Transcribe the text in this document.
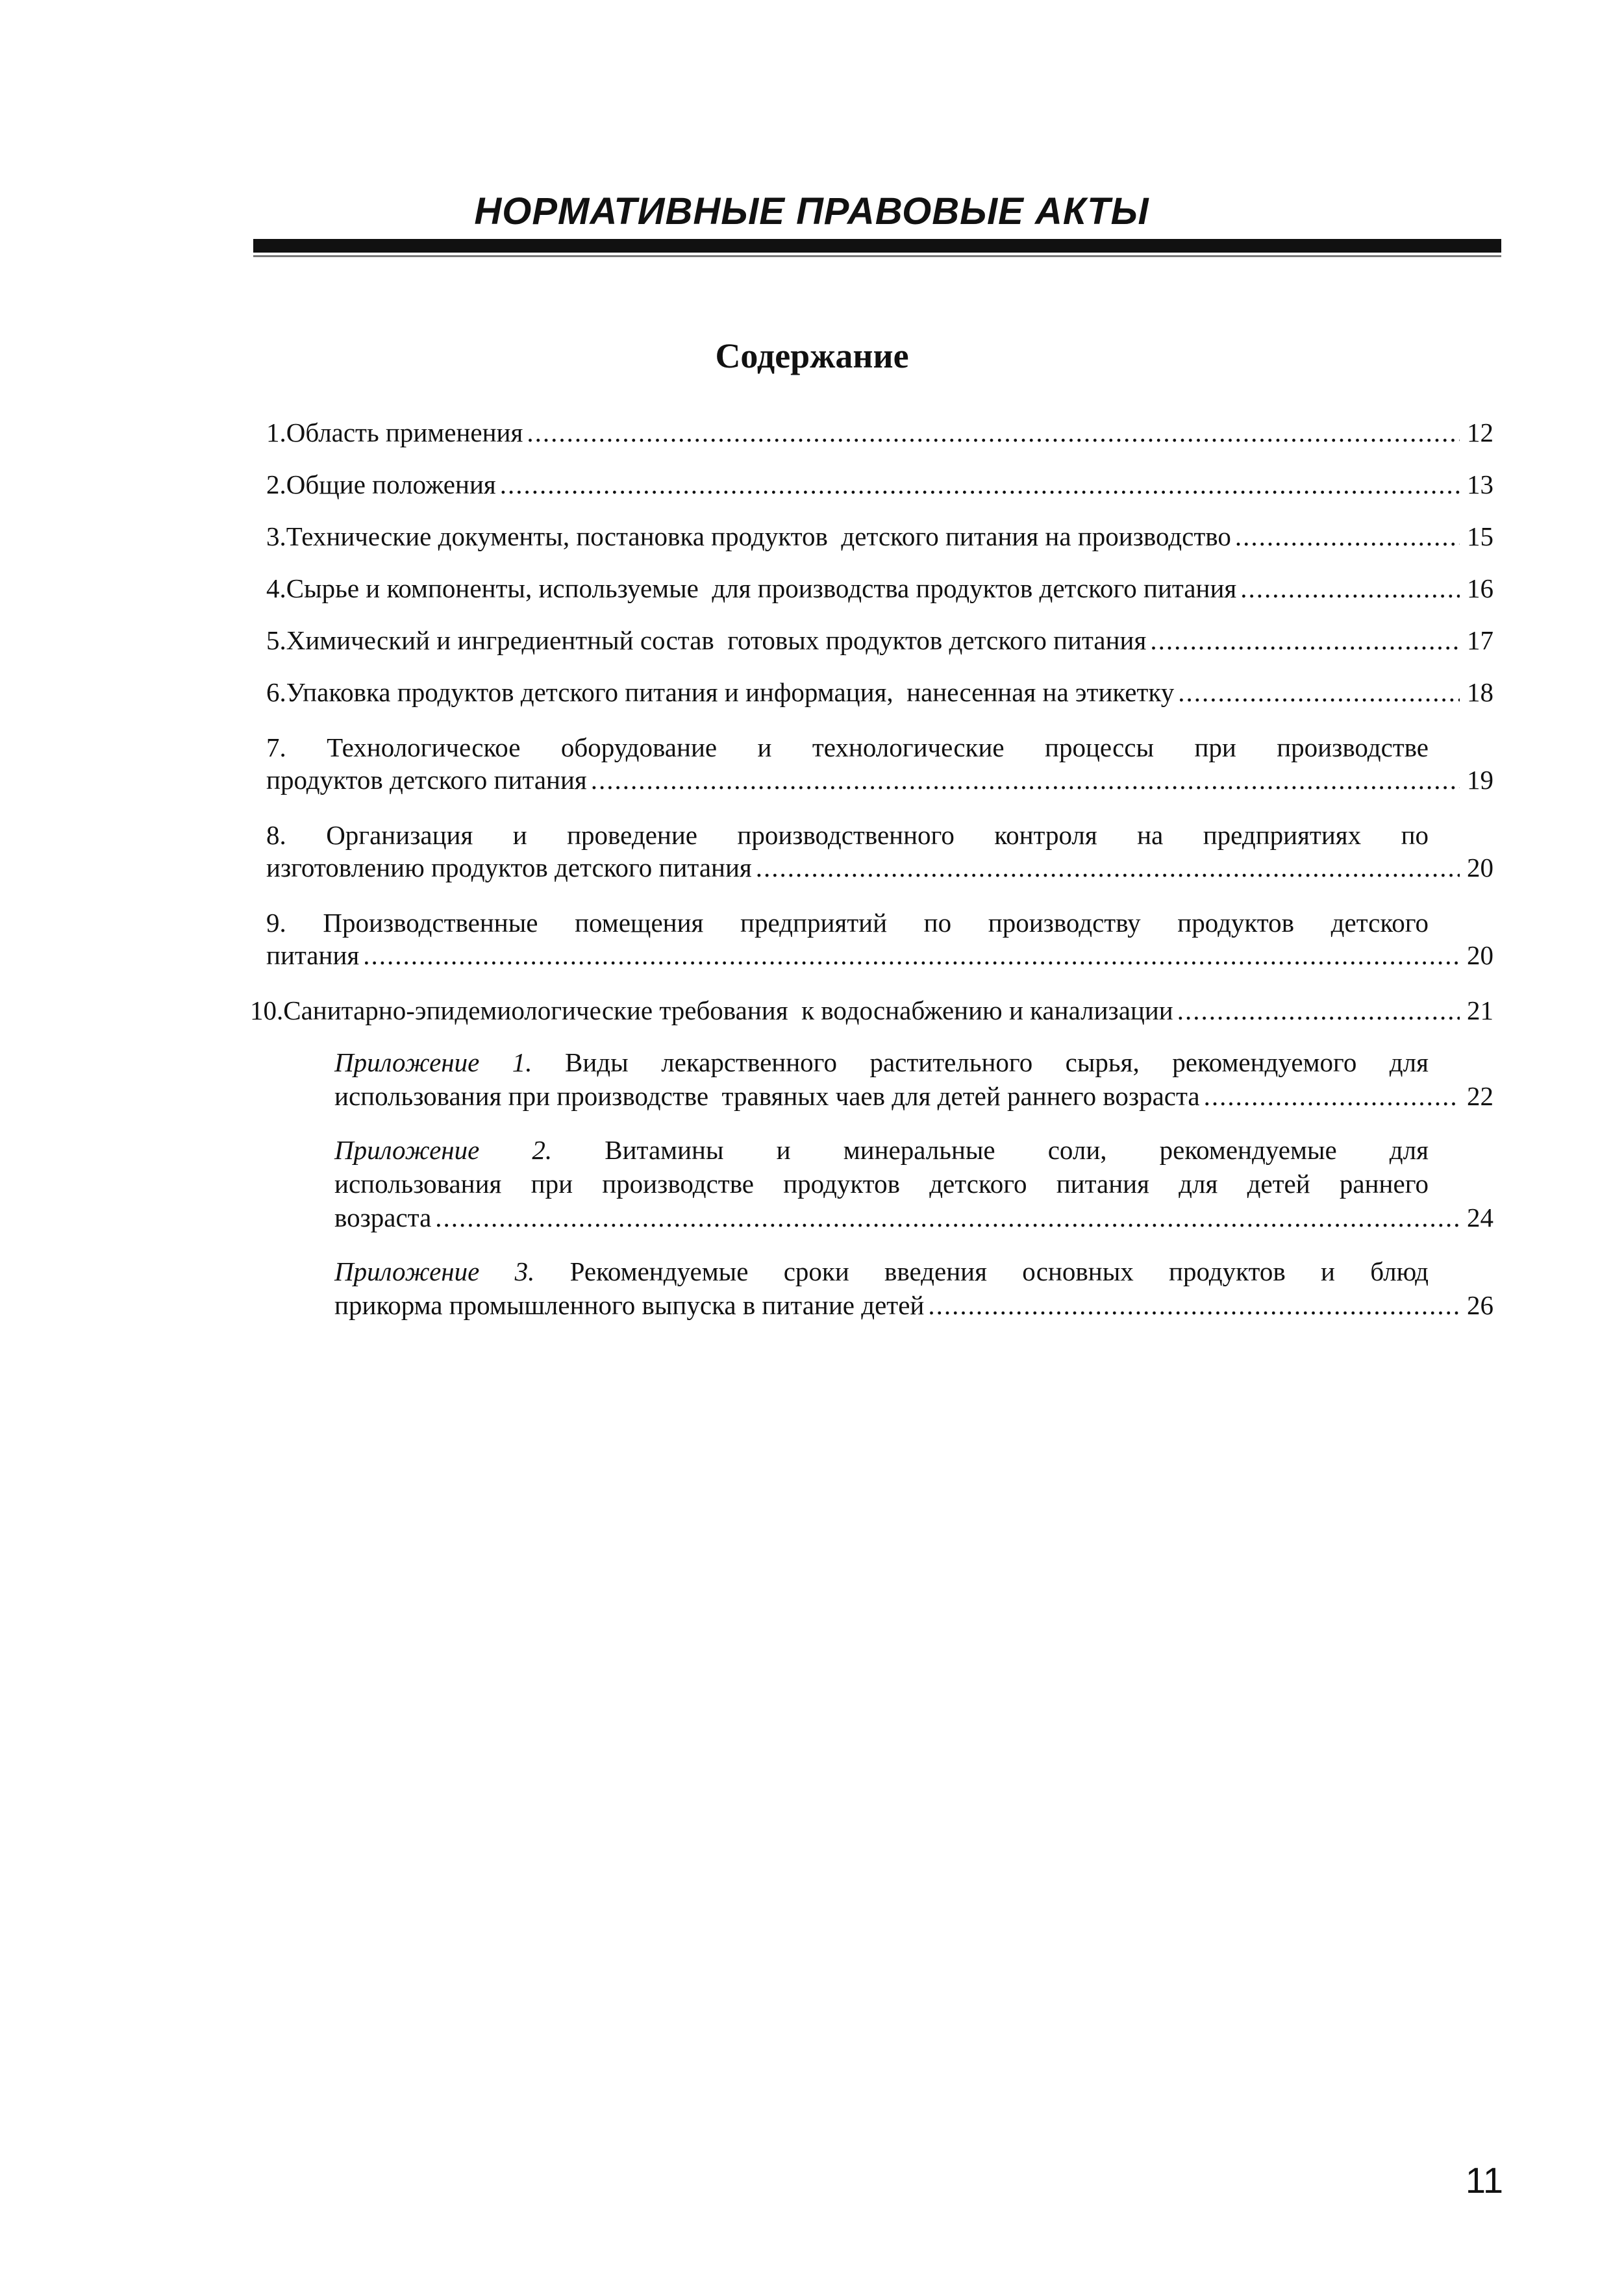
НОРМАТИВНЫЕ ПРАВОВЫЕ АКТЫ
Содержание
1. Область применения .....	12
2. Общие положения .....	13
3. Технические документы, постановка продуктов  детского питания на производство .....	15
4. Сырье и компоненты, используемые  для производства продуктов детского питания .....	16
5. Химический и ингредиентный состав  готовых продуктов детского питания .....	17
6. Упаковка продуктов детского питания и информация,  нанесенная на этикетку .....	18
7. Технологическое оборудование и технологические процессы при производстве
продуктов детского питания .....	19
8. Организация и проведение производственного контроля на предприятиях по
изготовлению продуктов детского питания .....	20
9. Производственные помещения предприятий по производству продуктов детского
питания .....	20
10. Санитарно-эпидемиологические требования  к водоснабжению и канализации .....	21
Приложение 1. Виды лекарственного растительного сырья, рекомендуемого для
использования при производстве  травяных чаев для детей раннего возраста .....	22
Приложение 2. Витамины и минеральные соли, рекомендуемые для
использования при производстве продуктов детского питания для детей раннего
возраста .....	24
Приложение 3. Рекомендуемые сроки введения основных продуктов и блюд
прикорма промышленного выпуска в питание детей .....	26
11
